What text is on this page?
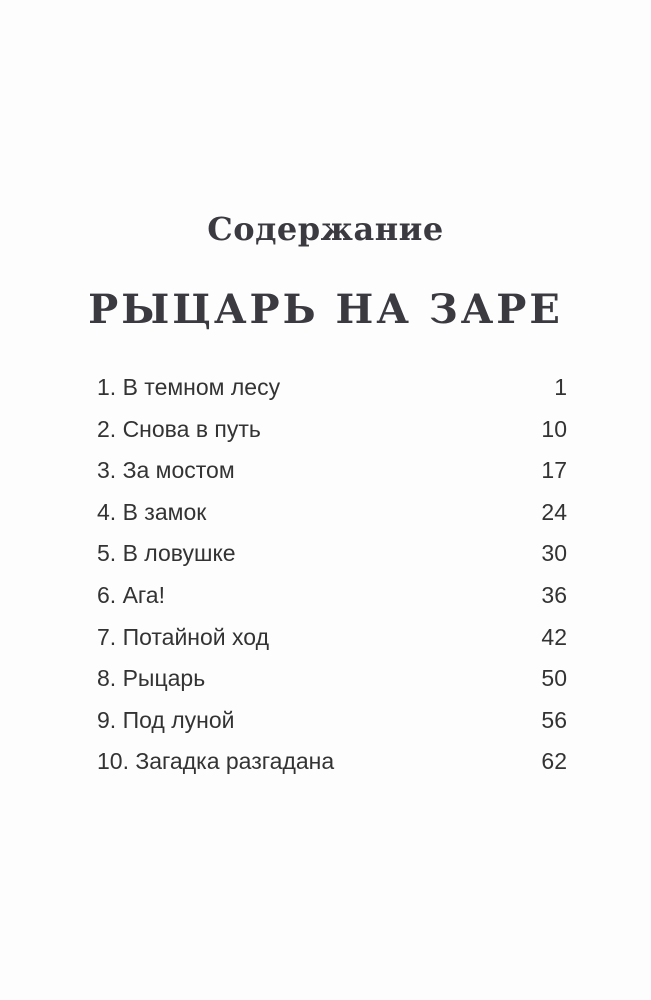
Содержание
РЫЦАРЬ НА ЗАРЕ
1. В темном лесу	1
2. Снова в путь	10
3. За мостом	17
4. В замок	24
5. В ловушке	30
6. Ага!	36
7. Потайной ход	42
8. Рыцарь	50
9. Под луной	56
10. Загадка разгадана	62
